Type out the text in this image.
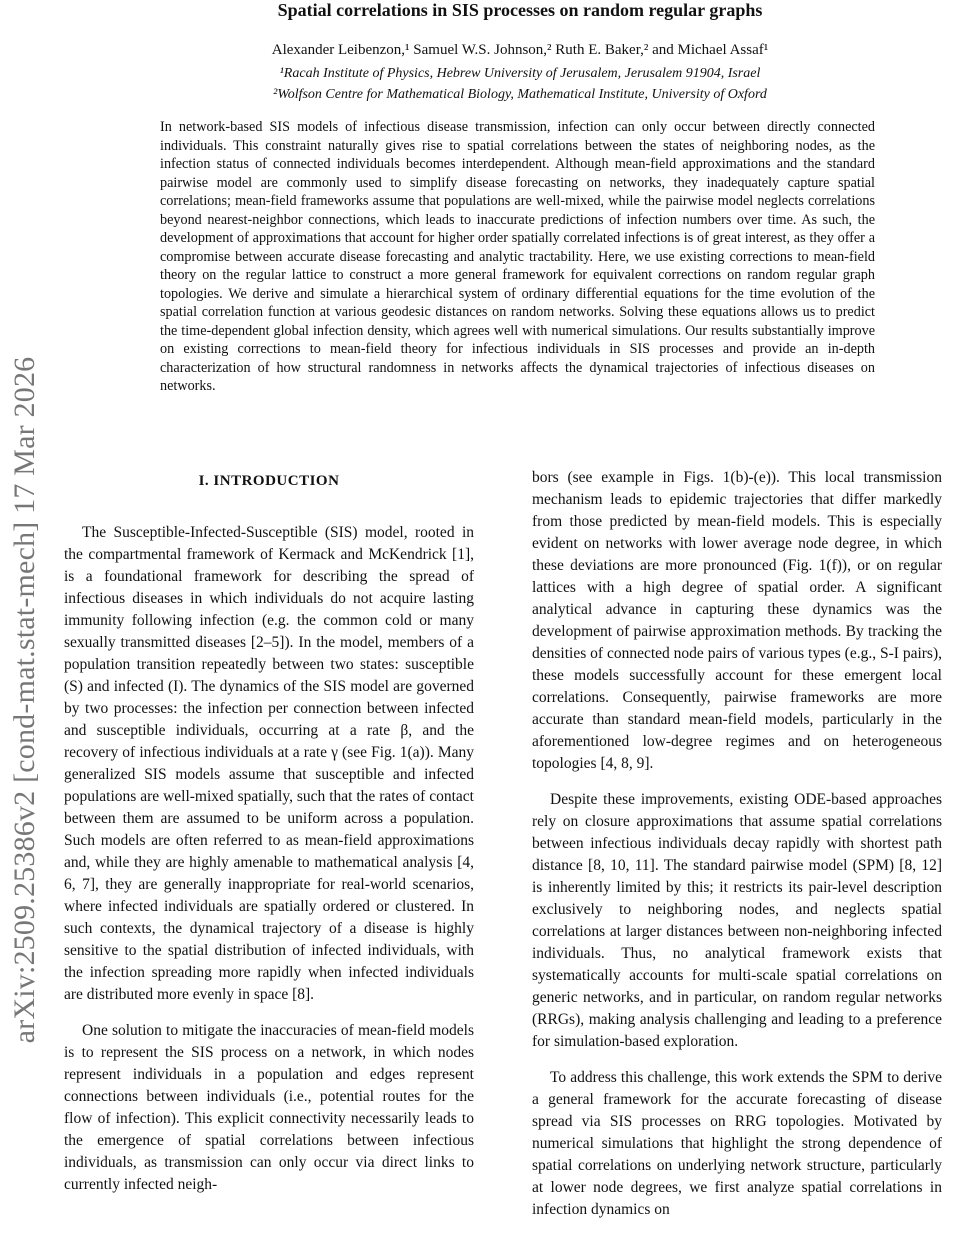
arXiv:2509.25386v2 [cond-mat.stat-mech] 17 Mar 2026
Spatial correlations in SIS processes on random regular graphs
Alexander Leibenzon,¹ Samuel W.S. Johnson,² Ruth E. Baker,² and Michael Assaf¹
¹Racah Institute of Physics, Hebrew University of Jerusalem, Jerusalem 91904, Israel
²Wolfson Centre for Mathematical Biology, Mathematical Institute, University of Oxford

In network-based SIS models of infectious disease transmission, infection can only occur between directly connected individuals. This constraint naturally gives rise to spatial correlations between the states of neighboring nodes, as the infection status of connected individuals becomes interdependent. Although mean-field approximations and the standard pairwise model are commonly used to simplify disease forecasting on networks, they inadequately capture spatial correlations; mean-field frameworks assume that populations are well-mixed, while the pairwise model neglects correlations beyond nearest-neighbor connections, which leads to inaccurate predictions of infection numbers over time. As such, the development of approximations that account for higher order spatially correlated infections is of great interest, as they offer a compromise between accurate disease forecasting and analytic tractability. Here, we use existing corrections to mean-field theory on the regular lattice to construct a more general framework for equivalent corrections on random regular graph topologies. We derive and simulate a hierarchical system of ordinary differential equations for the time evolution of the spatial correlation function at various geodesic distances on random networks. Solving these equations allows us to predict the time-dependent global infection density, which agrees well with numerical simulations. Our results substantially improve on existing corrections to mean-field theory for infectious individuals in SIS processes and provide an in-depth characterization of how structural randomness in networks affects the dynamical trajectories of infectious diseases on networks.

I. INTRODUCTION

The Susceptible-Infected-Susceptible (SIS) model, rooted in the compartmental framework of Kermack and McKendrick [1], is a foundational framework for describing the spread of infectious diseases in which individuals do not acquire lasting immunity following infection (e.g. the common cold or many sexually transmitted diseases [2–5]). In the model, members of a population transition repeatedly between two states: susceptible (S) and infected (I). The dynamics of the SIS model are governed by two processes: the infection per connection between infected and susceptible individuals, occurring at a rate β, and the recovery of infectious individuals at a rate γ (see Fig. 1(a)). Many generalized SIS models assume that susceptible and infected populations are well-mixed spatially, such that the rates of contact between them are assumed to be uniform across a population. Such models are often referred to as mean-field approximations and, while they are highly amenable to mathematical analysis [4, 6, 7], they are generally inappropriate for real-world scenarios, where infected individuals are spatially ordered or clustered. In such contexts, the dynamical trajectory of a disease is highly sensitive to the spatial distribution of infected individuals, with the infection spreading more rapidly when infected individuals are distributed more evenly in space [8].

One solution to mitigate the inaccuracies of mean-field models is to represent the SIS process on a network, in which nodes represent individuals in a population and edges represent connections between individuals (i.e., potential routes for the flow of infection). This explicit connectivity necessarily leads to the emergence of spatial correlations between infectious individuals, as transmission can only occur via direct links to currently infected neigh-

bors (see example in Figs. 1(b)-(e)). This local transmission mechanism leads to epidemic trajectories that differ markedly from those predicted by mean-field models. This is especially evident on networks with lower average node degree, in which these deviations are more pronounced (Fig. 1(f)), or on regular lattices with a high degree of spatial order. A significant analytical advance in capturing these dynamics was the development of pairwise approximation methods. By tracking the densities of connected node pairs of various types (e.g., S-I pairs), these models successfully account for these emergent local correlations. Consequently, pairwise frameworks are more accurate than standard mean-field models, particularly in the aforementioned low-degree regimes and on heterogeneous topologies [4, 8, 9].

Despite these improvements, existing ODE-based approaches rely on closure approximations that assume spatial correlations between infectious individuals decay rapidly with shortest path distance [8, 10, 11]. The standard pairwise model (SPM) [8, 12] is inherently limited by this; it restricts its pair-level description exclusively to neighboring nodes, and neglects spatial correlations at larger distances between non-neighboring infected individuals. Thus, no analytical framework exists that systematically accounts for multi-scale spatial correlations on generic networks, and in particular, on random regular networks (RRGs), making analysis challenging and leading to a preference for simulation-based exploration.

To address this challenge, this work extends the SPM to derive a general framework for the accurate forecasting of disease spread via SIS processes on RRG topologies. Motivated by numerical simulations that highlight the strong dependence of spatial correlations on underlying network structure, particularly at lower node degrees, we first analyze spatial correlations in infection dynamics on
